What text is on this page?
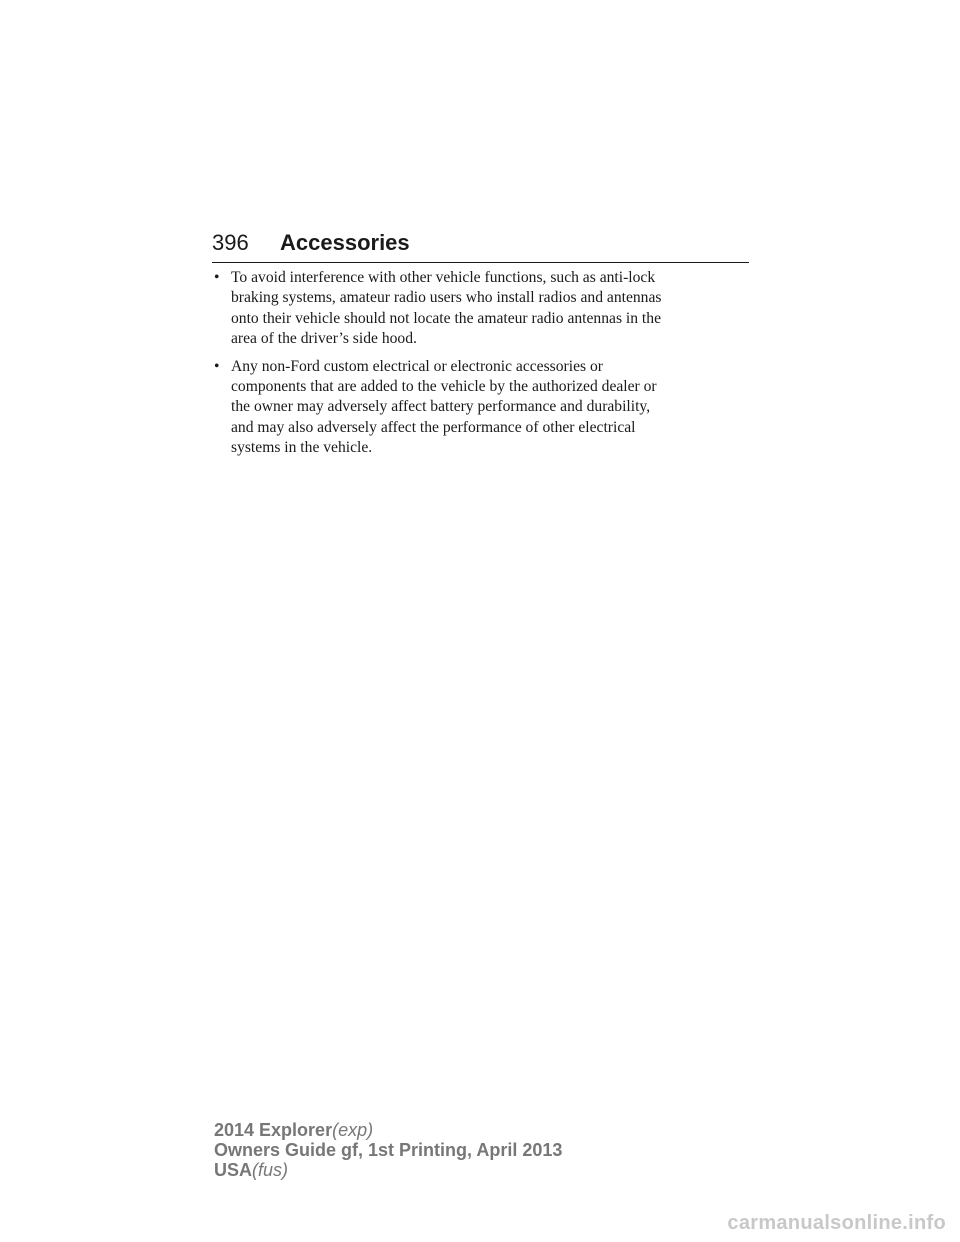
396 Accessories
• To avoid interference with other vehicle functions, such as anti-lock
braking systems, amateur radio users who install radios and antennas
onto their vehicle should not locate the amateur radio antennas in the
area of the driver’s side hood.
• Any non-Ford custom electrical or electronic accessories or
components that are added to the vehicle by the authorized dealer or
the owner may adversely affect battery performance and durability,
and may also adversely affect the performance of other electrical
systems in the vehicle.
2014 Explorer(exp)
Owners Guide gf, 1st Printing, April 2013
USA(fus)
carmanualsonline.info
